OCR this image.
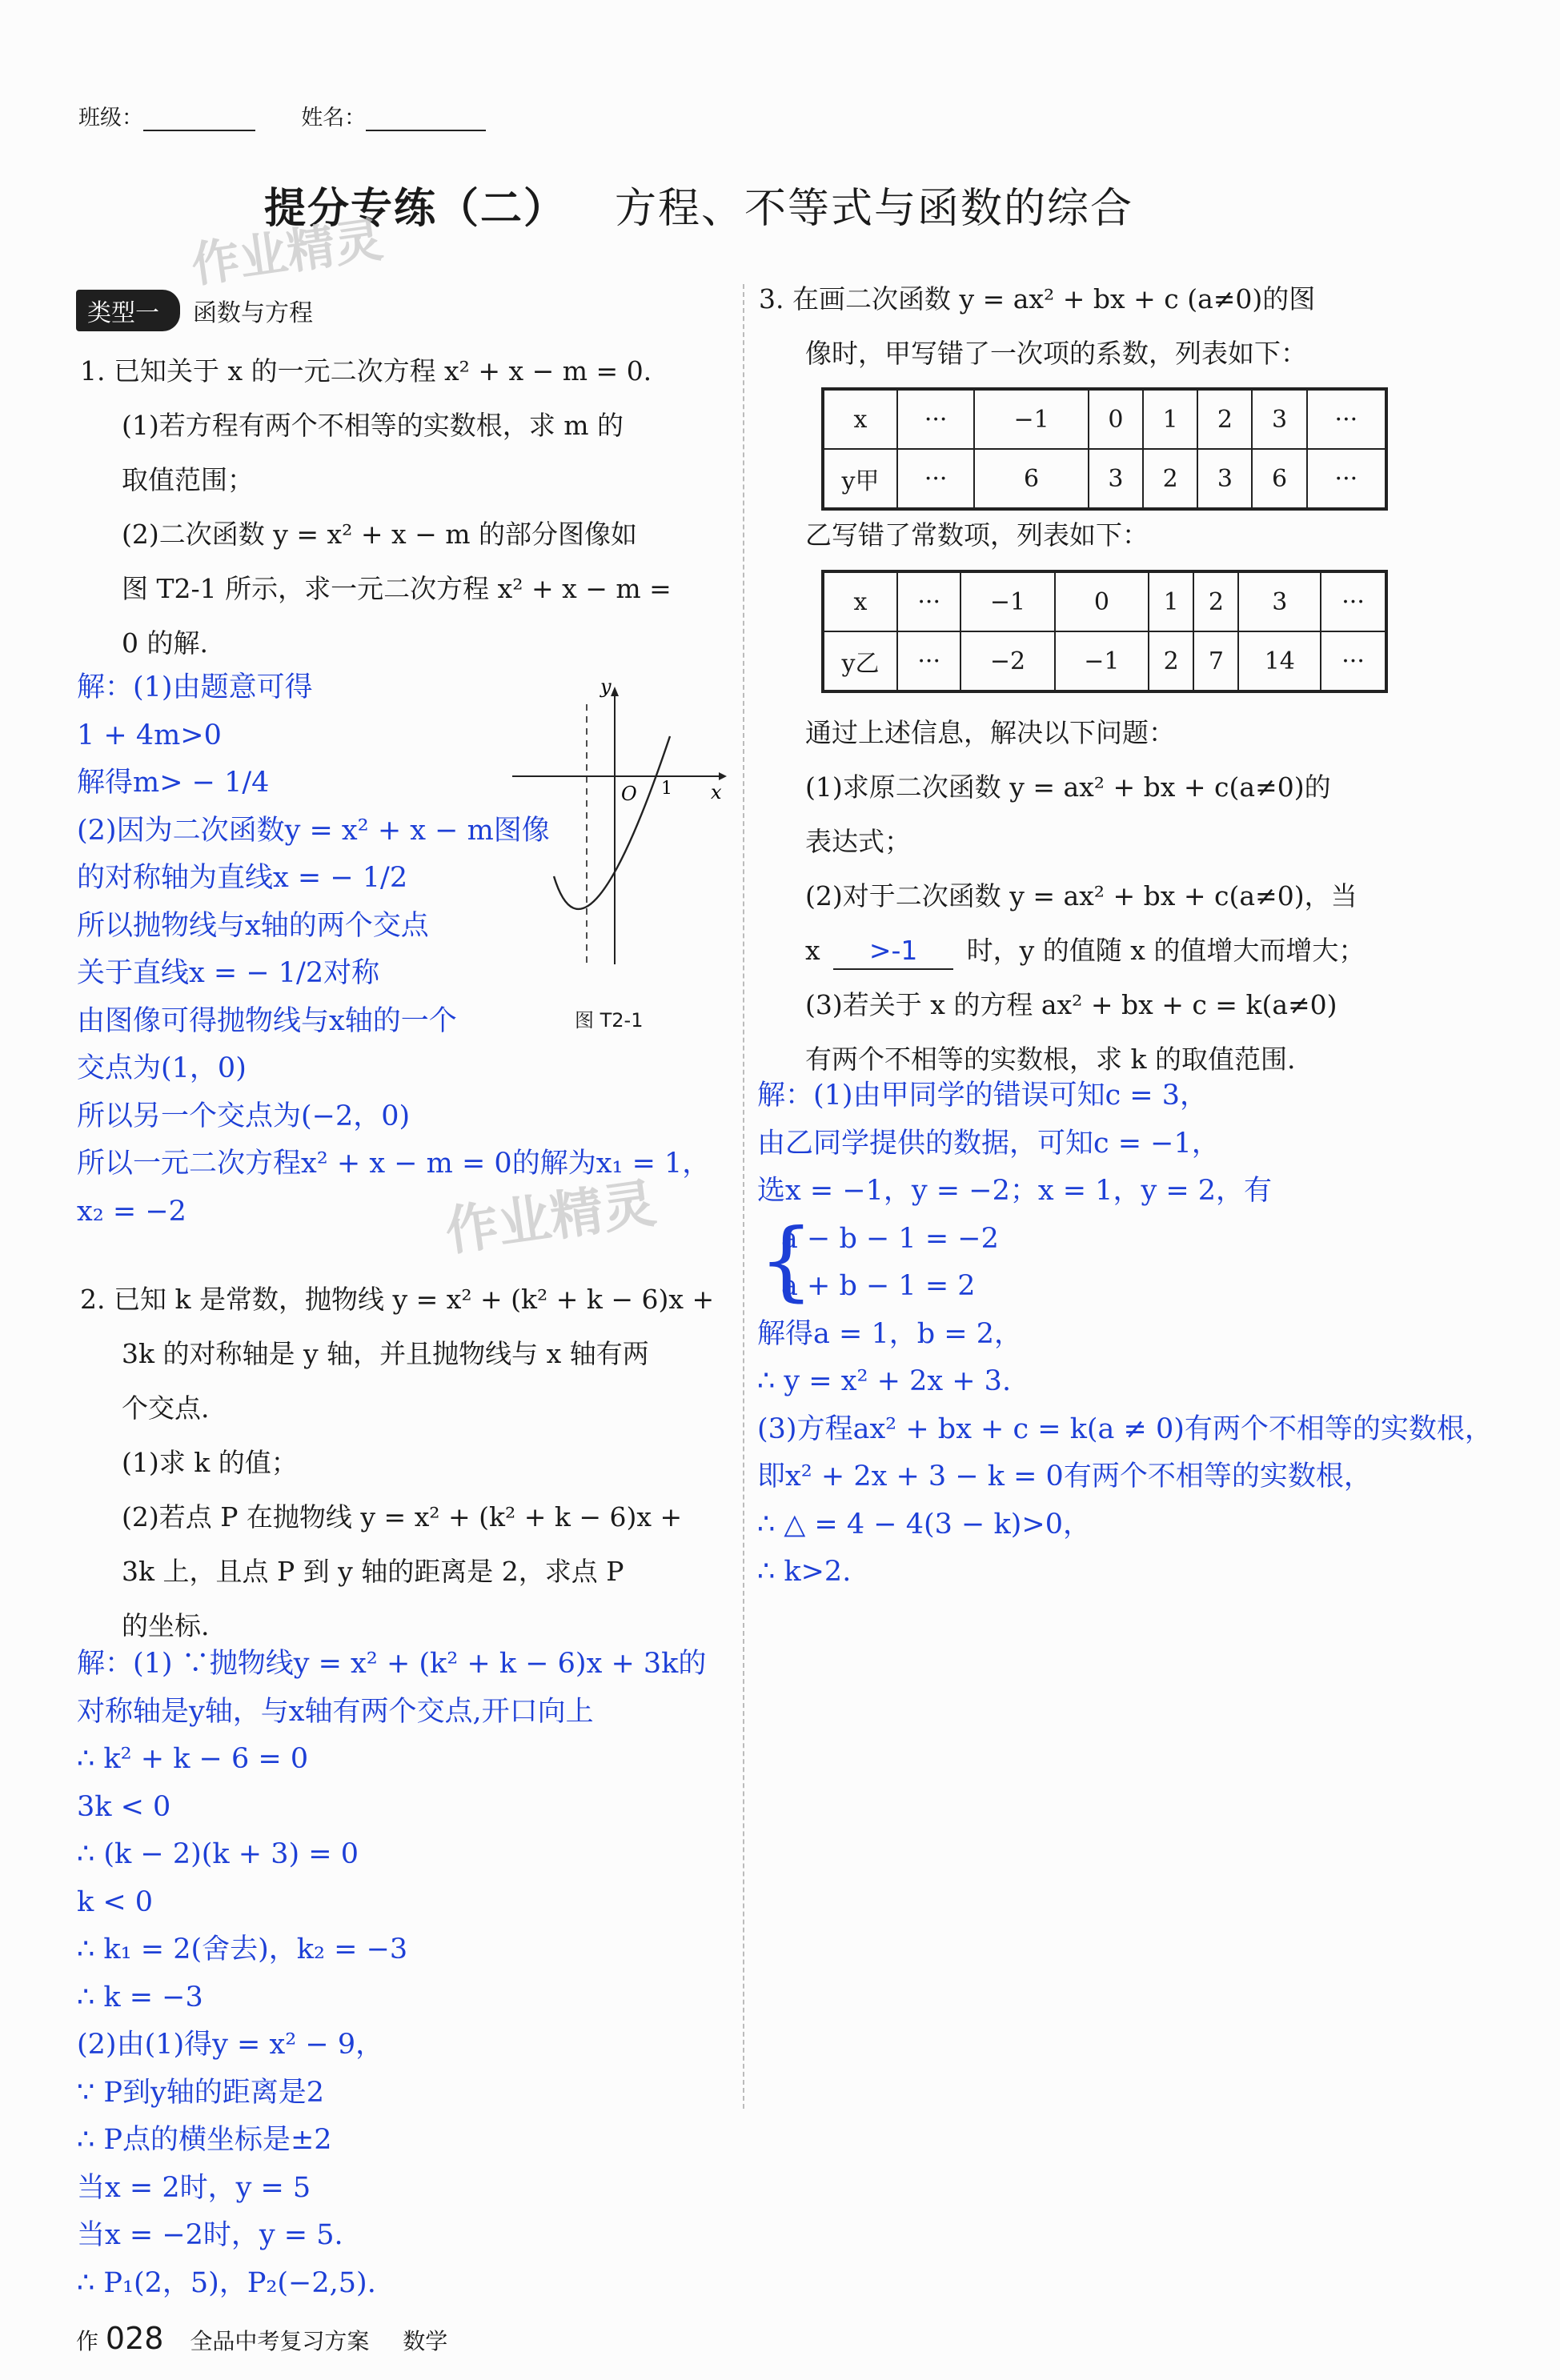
班级：	姓名：
提分专练（二） 方程、不等式与函数的综合
作业精灵
作业精灵
类型一 函数与方程
1. 已知关于 x 的一元二次方程 x² + x − m = 0.
(1)若方程有两个不相等的实数根，求 m 的
取值范围；
(2)二次函数 y = x² + x − m 的部分图像如
图 T2-1 所示，求一元二次方程 x² + x − m =
0 的解.
y
x
O 1
图 T2-1
解：(1)由题意可得
1 + 4m>0
解得m> − 1/4
(2)因为二次函数y = x² + x − m图像
的对称轴为直线x = − 1/2
所以抛物线与x轴的两个交点
关于直线x = − 1/2对称
由图像可得抛物线与x轴的一个
交点为(1，0)
所以另一个交点为(−2，0)
所以一元二次方程x² + x − m = 0的解为x₁ = 1，
x₂ = −2
2. 已知 k 是常数，抛物线 y = x² + (k² + k − 6)x +
3k 的对称轴是 y 轴，并且抛物线与 x 轴有两
个交点.
(1)求 k 的值；
(2)若点 P 在抛物线 y = x² + (k² + k − 6)x +
3k 上，且点 P 到 y 轴的距离是 2，求点 P
的坐标.
解：(1) ∵抛物线y = x² + (k² + k − 6)x + 3k的
对称轴是y轴，与x轴有两个交点,开口向上
∴ k² + k − 6 = 0
3k < 0
∴ (k − 2)(k + 3) = 0
k < 0
∴ k₁ = 2(舍去)，k₂ = −3
∴ k = −3
(2)由(1)得y = x² − 9，
∵ P到y轴的距离是2
∴ P点的横坐标是±2
当x = 2时，y = 5
当x = −2时，y = 5.
∴ P₁(2，5)，P₂(−2,5).
3. 在画二次函数 y = ax² + bx + c (a≠0)的图
像时，甲写错了一次项的系数，列表如下：
x	···	−1	0	1	2	3	···
y甲	···	6	3	2	3	6	···
乙写错了常数项，列表如下：
x	···	−1	0	1	2	3	···
y乙	···	−2	−1	2	7	14	···
通过上述信息，解决以下问题：
(1)求原二次函数 y = ax² + bx + c(a≠0)的
表达式；
(2)对于二次函数 y = ax² + bx + c(a≠0)，当
x >-1 时，y 的值随 x 的值增大而增大；
(3)若关于 x 的方程 ax² + bx + c = k(a≠0)
有两个不相等的实数根，求 k 的取值范围.
解：(1)由甲同学的错误可知c = 3，
由乙同学提供的数据，可知c = −1，
选x = −1，y = −2；x = 1，y = 2，有
{
a − b − 1 = −2
a + b − 1 = 2
解得a = 1，b = 2，
∴ y = x² + 2x + 3.
(3)方程ax² + bx + c = k(a ≠ 0)有两个不相等的实数根，
即x² + 2x + 3 − k = 0有两个不相等的实数根，
∴ △ = 4 − 4(3 − k)>0，
∴ k>2.
作 028 全品中考复习方案 数学
